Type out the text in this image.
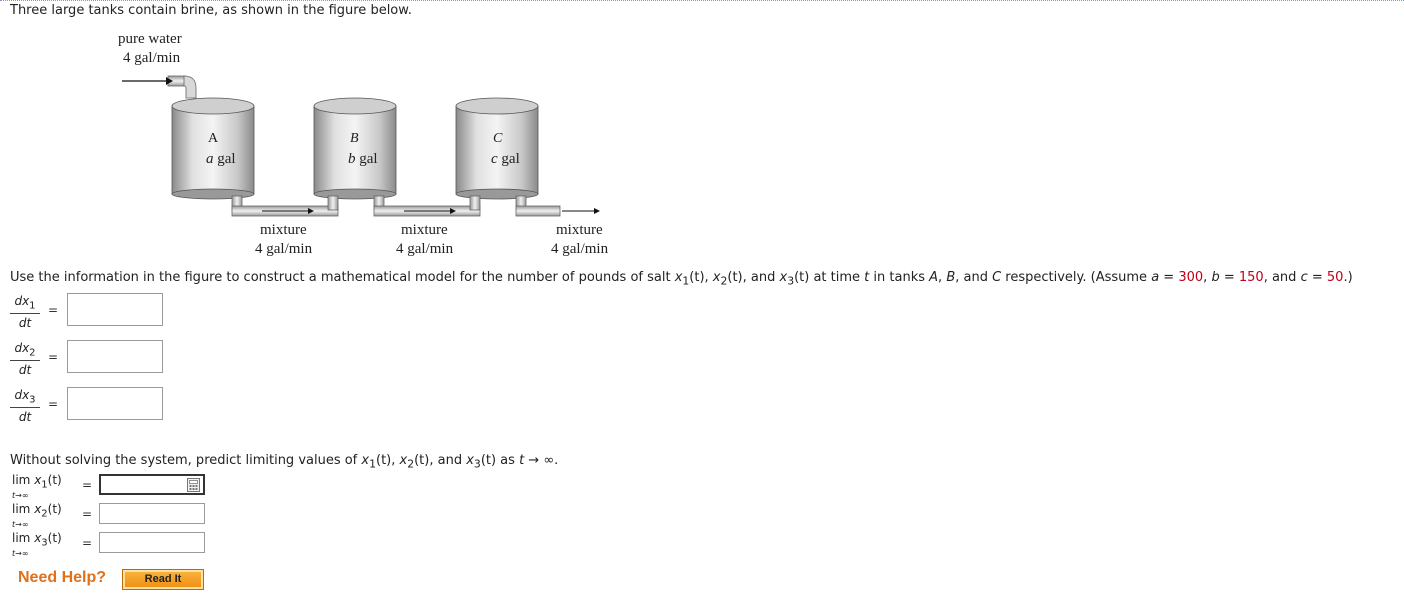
Three large tanks contain brine, as shown in the figure below.
pure water
4 gal/min
A
a gal
B
b gal
C
c gal
mixture
4 gal/min
mixture
4 gal/min
mixture
4 gal/min
Use the information in the figure to construct a mathematical model for the number of pounds of salt $x_1(t)$, $x_2(t)$, and $x_3(t)$ at time t in tanks A, B, and C respectively. (Assume a = 300, b = 150, and c = 50.)
$dx_1$
dt
=
$dx_2$
dt
=
$dx_3$
dt
=
Without solving the system, predict limiting values of $x_1(t)$, $x_2(t)$, and $x_3(t)$ as t → ∞.
$\lim x_1(t)$
t→∞
=
$\lim x_2(t)$
t→∞
=
$\lim x_3(t)$
t→∞
=
Need Help?	Read It
